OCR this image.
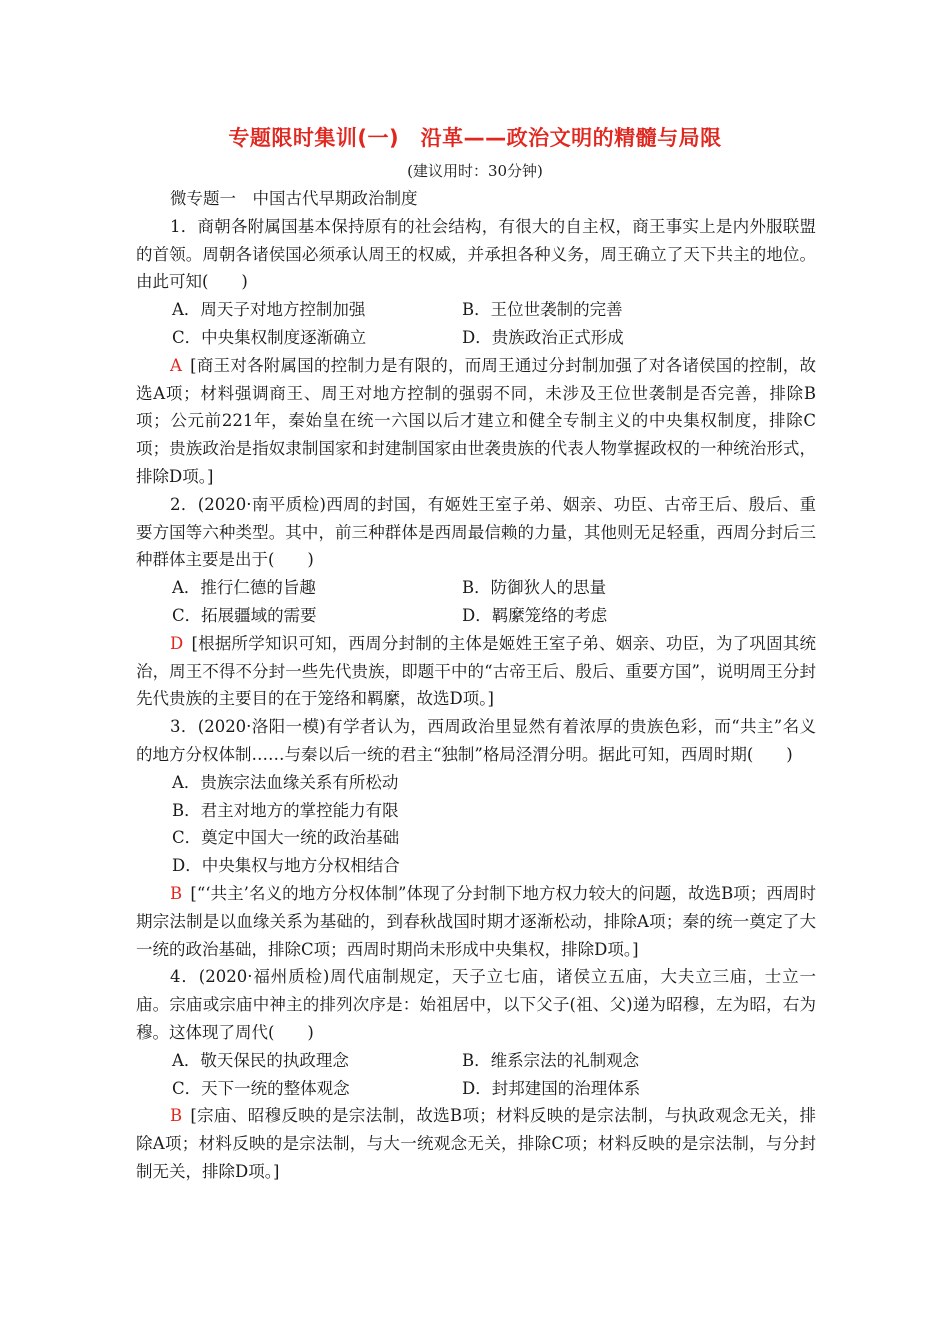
专题限时集训(一)　沿革——政治文明的精髓与局限
(建议用时：30分钟)
微专题一　中国古代早期政治制度
1．商朝各附属国基本保持原有的社会结构，有很大的自主权，商王事实上是内外服联盟的首领。周朝各诸侯国必须承认周王的权威，并承担各种义务，周王确立了天下共主的地位。由此可知(　　)
A．周天子对地方控制加强	B．王位世袭制的完善
C．中央集权制度逐渐确立	D．贵族政治正式形成
A  [商王对各附属国的控制力是有限的，而周王通过分封制加强了对各诸侯国的控制，故选A项；材料强调商王、周王对地方控制的强弱不同，未涉及王位世袭制是否完善，排除B项；公元前221年，秦始皇在统一六国以后才建立和健全专制主义的中央集权制度，排除C项；贵族政治是指奴隶制国家和封建制国家由世袭贵族的代表人物掌握政权的一种统治形式，排除D项。]
2．(2020·南平质检)西周的封国，有姬姓王室子弟、姻亲、功臣、古帝王后、殷后、重要方国等六种类型。其中，前三种群体是西周最信赖的力量，其他则无足轻重，西周分封后三种群体主要是出于(　　)
A．推行仁德的旨趣	B．防御狄人的思量
C．拓展疆域的需要	D．羁縻笼络的考虑
D  [根据所学知识可知，西周分封制的主体是姬姓王室子弟、姻亲、功臣，为了巩固其统治，周王不得不分封一些先代贵族，即题干中的“古帝王后、殷后、重要方国”，说明周王分封先代贵族的主要目的在于笼络和羁縻，故选D项。]
3．(2020·洛阳一模)有学者认为，西周政治里显然有着浓厚的贵族色彩，而“共主”名义的地方分权体制……与秦以后一统的君主“独制”格局泾渭分明。据此可知，西周时期(　　)
A．贵族宗法血缘关系有所松动
B．君主对地方的掌控能力有限
C．奠定中国大一统的政治基础
D．中央集权与地方分权相结合
B  [“‘共主’名义的地方分权体制”体现了分封制下地方权力较大的问题，故选B项；西周时期宗法制是以血缘关系为基础的，到春秋战国时期才逐渐松动，排除A项；秦的统一奠定了大一统的政治基础，排除C项；西周时期尚未形成中央集权，排除D项。]
4．(2020·福州质检)周代庙制规定，天子立七庙，诸侯立五庙，大夫立三庙，士立一庙。宗庙或宗庙中神主的排列次序是：始祖居中，以下父子(祖、父)递为昭穆，左为昭，右为穆。这体现了周代(　　)
A．敬天保民的执政理念	B．维系宗法的礼制观念
C．天下一统的整体观念	D．封邦建国的治理体系
B  [宗庙、昭穆反映的是宗法制，故选B项；材料反映的是宗法制，与执政观念无关，排除A项；材料反映的是宗法制，与大一统观念无关，排除C项；材料反映的是宗法制，与分封制无关，排除D项。]
